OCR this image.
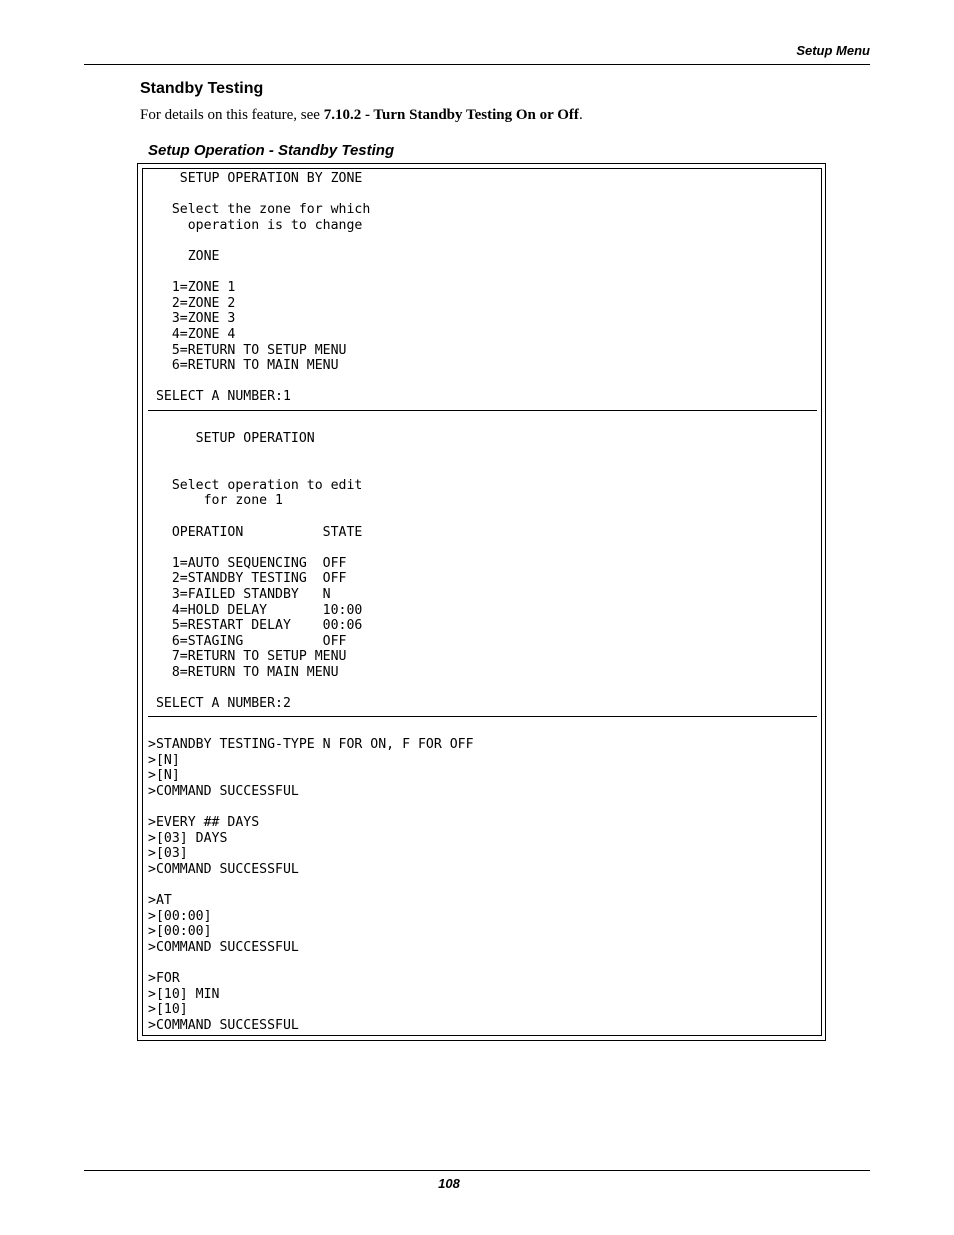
Setup Menu
Standby Testing
For details on this feature, see 7.10.2 - Turn Standby Testing On or Off.
Setup Operation - Standby Testing
SETUP OPERATION BY ZONE

Select the zone for which
operation is to change

ZONE

1=ZONE 1
2=ZONE 2
3=ZONE 3
4=ZONE 4
5=RETURN TO SETUP MENU
6=RETURN TO MAIN MENU

SELECT A NUMBER:1
SETUP OPERATION

Select operation to edit
for zone 1

OPERATION          STATE

1=AUTO SEQUENCING  OFF
2=STANDBY TESTING  OFF
3=FAILED STANDBY   N
4=HOLD DELAY       10:00
5=RESTART DELAY    00:06
6=STAGING          OFF
7=RETURN TO SETUP MENU
8=RETURN TO MAIN MENU

SELECT A NUMBER:2
>STANDBY TESTING-TYPE N FOR ON, F FOR OFF
>[N]
>[N]
>COMMAND SUCCESSFUL

>EVERY ## DAYS
>[03] DAYS
>[03]
>COMMAND SUCCESSFUL

>AT
>[00:00]
>[00:00]
>COMMAND SUCCESSFUL

>FOR
>[10] MIN
>[10]
>COMMAND SUCCESSFUL
108
